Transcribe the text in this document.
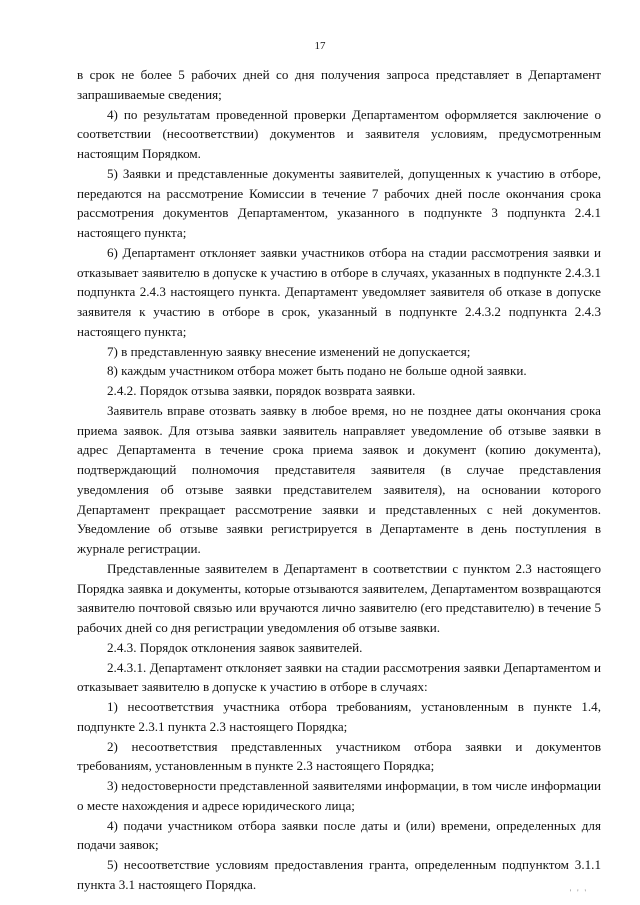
17

в срок не более 5 рабочих дней со дня получения запроса представляет в Департамент запрашиваемые сведения;

4) по результатам проведенной проверки Департаментом оформляется заключение о соответствии (несоответствии) документов и заявителя условиям, предусмотренным настоящим Порядком.

5) Заявки и представленные документы заявителей, допущенных к участию в отборе, передаются на рассмотрение Комиссии в течение 7 рабочих дней после окончания срока рассмотрения документов Департаментом, указанного в подпункте 3 подпункта 2.4.1 настоящего пункта;

6) Департамент отклоняет заявки участников отбора на стадии рассмотрения заявки и отказывает заявителю в допуске к участию в отборе в случаях, указанных в подпункте 2.4.3.1 подпункта 2.4.3 настоящего пункта. Департамент уведомляет заявителя об отказе в допуске заявителя к участию в отборе в срок, указанный в подпункте 2.4.3.2 подпункта 2.4.3 настоящего пункта;

7) в представленную заявку внесение изменений не допускается;

8) каждым участником отбора может быть подано не больше одной заявки.

2.4.2. Порядок отзыва заявки, порядок возврата заявки.

Заявитель вправе отозвать заявку в любое время, но не позднее даты окончания срока приема заявок. Для отзыва заявки заявитель направляет уведомление об отзыве заявки в адрес Департамента в течение срока приема заявок и документ (копию документа), подтверждающий полномочия представителя заявителя (в случае представления уведомления об отзыве заявки представителем заявителя), на основании которого Департамент прекращает рассмотрение заявки и представленных с ней документов. Уведомление об отзыве заявки регистрируется в Департаменте в день поступления в журнале регистрации.

Представленные заявителем в Департамент в соответствии с пунктом 2.3 настоящего Порядка заявка и документы, которые отзываются заявителем, Департаментом возвращаются заявителю почтовой связью или вручаются лично заявителю (его представителю) в течение 5 рабочих дней со дня регистрации уведомления об отзыве заявки.

2.4.3. Порядок отклонения заявок заявителей.

2.4.3.1. Департамент отклоняет заявки на стадии рассмотрения заявки Департаментом и отказывает заявителю в допуске к участию в отборе в случаях:

1) несоответствия участника отбора требованиям, установленным в пункте 1.4, подпункте 2.3.1 пункта 2.3 настоящего Порядка;

2) несоответствия представленных участником отбора заявки и документов требованиям, установленным в пункте 2.3 настоящего Порядка;

3) недостоверности представленной заявителями информации, в том числе информации о месте нахождения и адресе юридического лица;

4) подачи участником отбора заявки после даты и (или) времени, определенных для подачи заявок;

5) несоответствие условиям предоставления гранта, определенным подпунктом 3.1.1 пункта 3.1 настоящего Порядка.

' ' '
